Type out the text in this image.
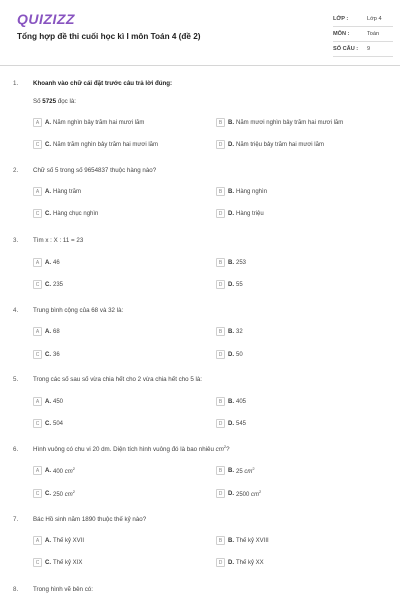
QUIZIZZ
Tổng hợp đề thi cuối học kì I môn Toán 4 (đề 2)
LỚP :	Lớp 4
MÔN :	Toán
SỐ CÂU : 9
1. Khoanh vào chữ cái đặt trước câu trả lời đúng:
Số 5725 đọc là:
A A. Năm nghìn bảy trăm hai mươi lăm	B B. Năm mươi nghìn bảy trăm hai mươi lăm
C C. Năm trăm nghìn bảy trăm hai mươi lăm	D D. Năm triệu bảy trăm hai mươi lăm
2. Chữ số 5 trong số 9654837 thuộc hàng nào?
A A. Hàng trăm	B B. Hàng nghìn
C C. Hàng chục nghìn	D D. Hàng triệu
3. Tìm x : X : 11 = 23
A A. 46	B B. 253
C C. 235	D D. 55
4. Trung bình cộng của 68 và 32 là:
A A. 68	B B. 32
C C. 36	D D. 50
5. Trong các số sau số vừa chia hết cho 2 vừa chia hết cho 5 là:
A A. 450	B B. 405
C C. 504	D D. 545
6. Hình vuông có chu vi 20 dm. Diện tích hình vuông đó là bao nhiêu $cm^2$?
A A. 400 $cm^2$	B B. 25 $cm^2$
C C. 250 $cm^2$	D D. 2500 $cm^2$
7. Bác Hồ sinh năm 1890 thuộc thế kỷ nào?
A A. Thế kỷ XVII	B B. Thế kỷ XVIII
C C. Thế kỷ XIX	D D. Thế kỷ XX
8. Trong hình vẽ bên có:
